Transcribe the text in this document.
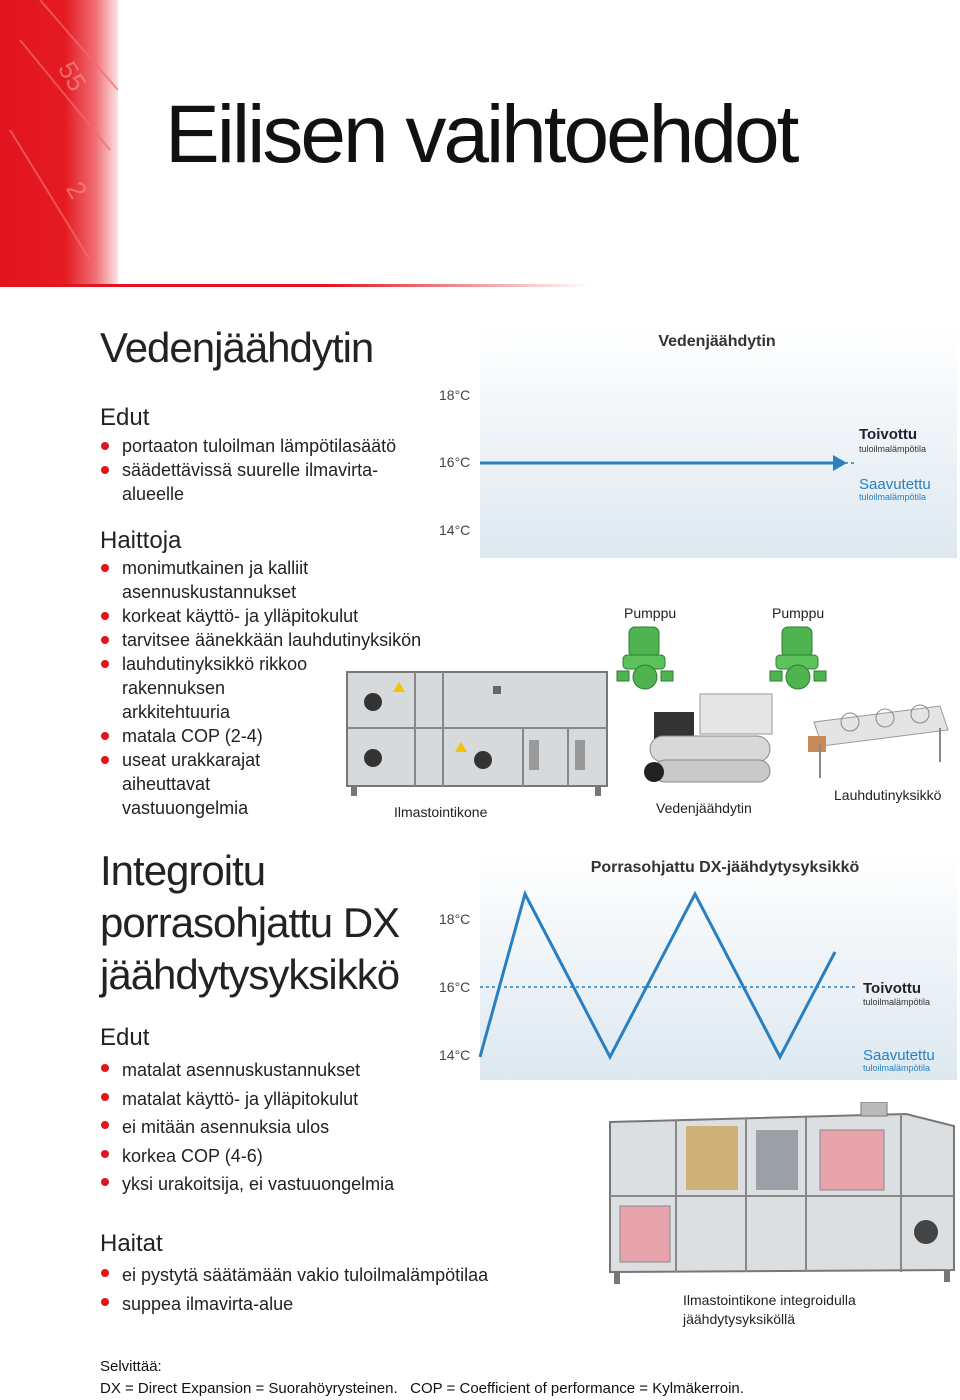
55
2
Eilisen vaihtoehdot
Vedenjäähdytin
Edut
portaaton tuloilman lämpötilasäätö
säädettävissä suurelle ilmavirta-
alueelle
Haittoja
monimutkainen ja kalliit
asennuskustannukset
korkeat käyttö- ja ylläpitokulut
tarvitsee äänekkään lauhdutinyksikön
lauhdutinyksikkö rikkoo
rakennuksen
arkkitehtuuria
matala COP (2-4)
useat urakkarajat
aiheuttavat
vastuuongelmia
Vedenjäähdytin
18°C
16°C
14°C
Toivottu
tuloilmalämpötila
Saavutettu
tuloilmalämpötila
Ilmastointikone
Pumppu	Pumppu
Vedenjäähdytin
Lauhdutinyksikkö
Integroitu
porrasohjattu DX
jäähdytysyksikkö
Edut
matalat asennuskustannukset
matalat käyttö- ja ylläpitokulut
ei mitään asennuksia ulos
korkea COP (4-6)
yksi urakoitsija, ei vastuuongelmia
Porrasohjattu DX-jäähdytysyksikkö
18°C
16°C
14°C
Toivottu
tuloilmalämpötila
Saavutettu
tuloilmalämpötila
Ilmastointikone integroidulla
jäähdytysyksiköllä
Haitat
ei pystytä säätämään vakio tuloilmalämpötilaa
suppea ilmavirta-alue
Selvittää:
DX = Direct Expansion = Suorahöyrysteinen.   COP = Coefficient of performance = Kylmäkerroin.
